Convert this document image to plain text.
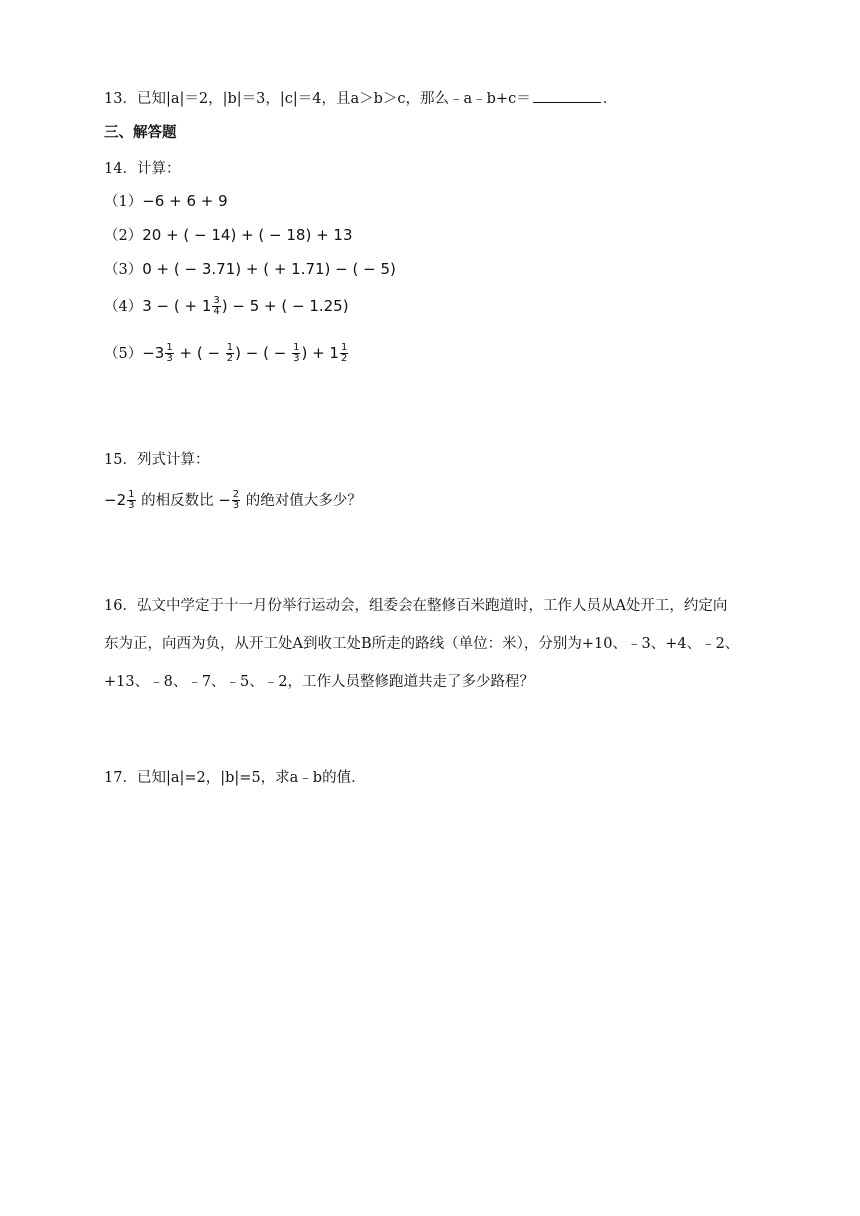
13．已知|a|＝2，|b|＝3，|c|＝4，且a＞b＞c，那么﹣a﹣b+c＝	．
三、解答题
14．计算：
（1）−6 + 6 + 9
（2）20 + ( − 14) + ( − 18) + 13
（3）0 + ( − 3.71) + ( + 1.71) − ( − 5)
（4）3 − ( + $1 \frac{3}{4}$ ) − 5 + ( − 1.25)
$(5)-3 \frac{1}{3}$ + ( − $\frac{1}{2}$ ) − ( − $\frac{1}{3}$ ) + $1 \frac{1}{2}$
15．列式计算：
$-2 \frac{1}{3}$ 的相反数比 − $\frac{2}{3}$ 的绝对值大多少？
16．弘文中学定于十一月份举行运动会，组委会在整修百米跑道时，工作人员从A处开工，约定向
东为正，向西为负，从开工处A到收工处B所走的路线（单位：米），分别为+10、﹣3、+4、﹣2、
+13、﹣8、﹣7、﹣5、﹣2，工作人员整修跑道共走了多少路程？
17．已知|a|=2，|b|=5，求a﹣b的值．
